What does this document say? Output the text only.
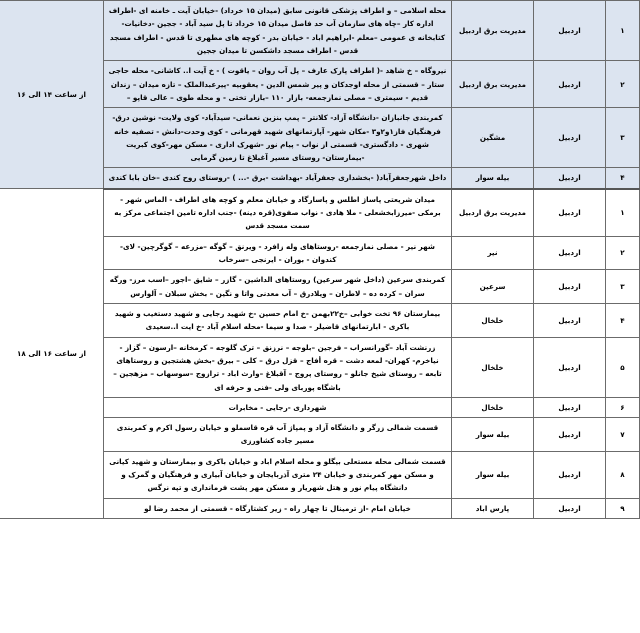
۱	اردبیل	مدیریت برق اردبیل	محله اسلامی – و اطراف پزشکی قانونی سابق (میدان ۱۵ خرداد) -خیابان آیت ـ خامنه ای -اطراف اداره کار –چاه های سازمان آب حد فاصل میدان ۱۵ خرداد تا پل سید آباد - ججین -دخانیات- کتابخانه ی عمومی –معلم -ابراهیم اباد - خیابان بدر - کوچه های مطهری تا قدس - اطراف مسجد قدس - اطراف مسجد داشکسن تا میدان ججین	از ساعت ۱۴ الی ۱۶
۲	اردبیل	مدیریت برق اردبیل	نیروگاه – خ شاهد -( اطراف پارک عارف – پل آب روان – یاقوت ) - خ آیت ا.. کاشانی- محله حاجی ستار – قسمتی از محله اوجدکان و پیر شمس الدین - یعقوبیه -پیرعبدالملک – تازه میدان – زندان قدیم - سیمتری – مصلی نمازجمعه- بازار ۱۱۰ –بازار تختی - و محله طوی – عالی قاپو –	
۳	اردبیل	مشگین	کمربندی جانبازان -دانشگاه آزاد- کلانتر – پمپ بنزین نعمانی- سیدآباد- کوی ولایت- نوشین درق- فرهنگیان فاز۱و۲و۳ -مکان شهر- آپارتمانهای شهید قهرمانی - کوی وحدت-دانش - تصفیه خانه شهری - دادگستری- قسمتی از نواب - پیام نور -شهرک اداری - مسکن مهر-کوی کبریت -بیمارستان- روستای مسیر آغبلاغ تا زمین گرمایی	
۴	اردبیل	بیله سوار	داخل شهرجعفرآباد( -بخشداری جعفرآباد -بهداشت -برق -... ) -روستای روح کندی –خان بابا کندی	
۱	اردبیل	مدیریت برق اردبیل	میدان شریعتی پاساژ اطلس و پاسارگاد و خیابان معلم و کوچه های اطراف - الماس شهر - برمکی -میرزابخشعلی - ملا هادی - نواب صفوی(قره دینه) -جنب اداره تامین اجتماعی مرکز به سمت مسجد قدس	از ساعت ۱۶ الی ۱۸
۲	اردبیل	نیر	شهر نیر - مصلی نمازجمعه -روستاهای وله زافرد - ویرنق – گوگه –مزرعه – گوگرچین- لای- کندوان - بوران - ایرنجی –سرخاب	
۳	اردبیل	سرعین	کمربندی سرعین (داخل شهر سرعین) روستاهای الداشین - گازر – شایق –اجور –اسب مرز- ورگه سران – کرده ده – لاطران – ویلادرق – آب معدنی واتا و نگین – بخش سبلان – آلوارس	
۴	اردبیل	خلخال	بیمارستان ۹۶ تخت خوابی –خ۲۲بهمن -خ امام حسین -خ شهید رجایی و شهید دستغیب و شهید باکری - ابارتمانهای قاضیلر - صدا و سیما -محله اسلام آباد -خ ایت ا..سعیدی	
۵	اردبیل	خلخال	زرنشت آباد –گورانسراب – فرجین –بلوجه – نرزنق – ترک گلوجه – کرمخانه –ارسون – گزاز - نیاخرم- کهران- لمعه دشت – قره أفاج – قزل درق – کلی – بیرق -بخش هشتجین و روستاهای تابعه – روستای شیخ جانلو – روستای پروج – آقبلاغ –وارث اباد - ترازوج –سوسهاب – مزهجین – باشگاه پوربای ولی -فنی و حرفه ای	
۶	اردبیل	خلخال	شهرداری -رجایی - مخابرات	
۷	اردبیل	بیله سوار	قسمت شمالی زرگر و دانشگاه آزاد و پمپاژ آب قره قاسملو و خیابان رسول اکرم و کمربندی مسیر جاده کشاورزی	
۸	اردبیل	بیله سوار	قسمت شمالی محله مستعلی بیگلو و محله اسلام اباد و خیابان باکری و بیمارستان و شهید کیانی و مسکن مهر کمربندی و خیابان ۲۴ متری آذربایجان و خیابان آبیاری و فرهنگیان و گمرک و دانشگاه پیام نور و هتل شهریار و مسکن مهر پشت فرمانداری و تپه نرگس	
۹	اردبیل	پارس اباد	خیابان امام -از ترمینال تا چهار راه - زیر کشتارگاه - قسمتی از محمد رضا لو	
